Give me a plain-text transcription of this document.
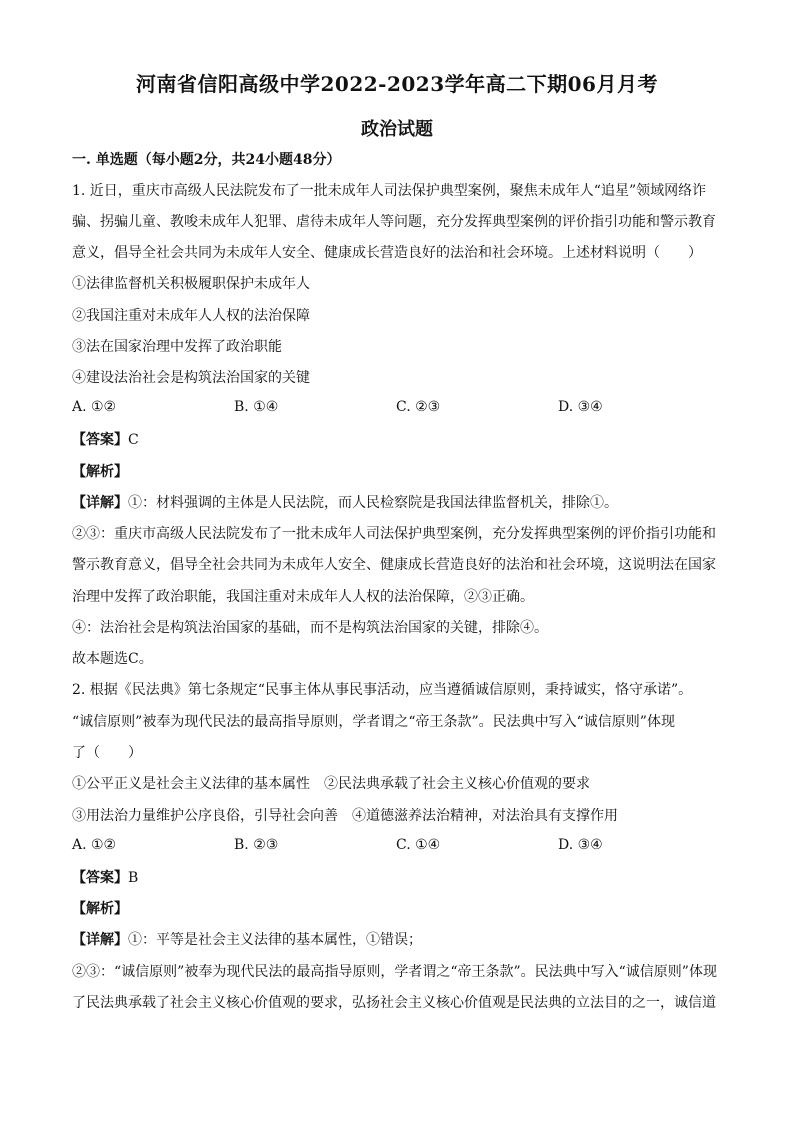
河南省信阳高级中学2022-2023学年高二下期06月月考
政治试题
一. 单选题（每小题2分，共24小题48分）
1. 近日，重庆市高级人民法院发布了一批未成年人司法保护典型案例，聚焦未成年人“追星”领域网络诈
骗、拐骗儿童、教唆未成年人犯罪、虐待未成年人等问题，充分发挥典型案例的评价指引功能和警示教育
意义，倡导全社会共同为未成年人安全、健康成长营造良好的法治和社会环境。上述材料说明（　　）
①法律监督机关积极履职保护未成年人
②我国注重对未成年人人权的法治保障
③法在国家治理中发挥了政治职能
④建设法治社会是构筑法治国家的关键
A. ①②	B. ①④	C. ②③	D. ③④
【答案】C
【解析】
【详解】①：材料强调的主体是人民法院，而人民检察院是我国法律监督机关，排除①。
②③：重庆市高级人民法院发布了一批未成年人司法保护典型案例，充分发挥典型案例的评价指引功能和
警示教育意义，倡导全社会共同为未成年人安全、健康成长营造良好的法治和社会环境，这说明法在国家
治理中发挥了政治职能，我国注重对未成年人人权的法治保障，②③正确。
④：法治社会是构筑法治国家的基础，而不是构筑法治国家的关键，排除④。
故本题选C。
2. 根据《民法典》第七条规定“民事主体从事民事活动，应当遵循诚信原则，秉持诚实，恪守承诺”。
“诚信原则”被奉为现代民法的最高指导原则，学者谓之“帝王条款”。民法典中写入“诚信原则”体现
了（　　）
①公平正义是社会主义法律的基本属性　②民法典承载了社会主义核心价值观的要求
③用法治力量维护公序良俗，引导社会向善　④道德滋养法治精神，对法治具有支撑作用
A. ①②	B. ②③	C. ①④	D. ③④
【答案】B
【解析】
【详解】①：平等是社会主义法律的基本属性，①错误；
②③：“诚信原则”被奉为现代民法的最高指导原则，学者谓之“帝王条款”。民法典中写入“诚信原则”体现
了民法典承载了社会主义核心价值观的要求，弘扬社会主义核心价值观是民法典的立法目的之一，诚信道
